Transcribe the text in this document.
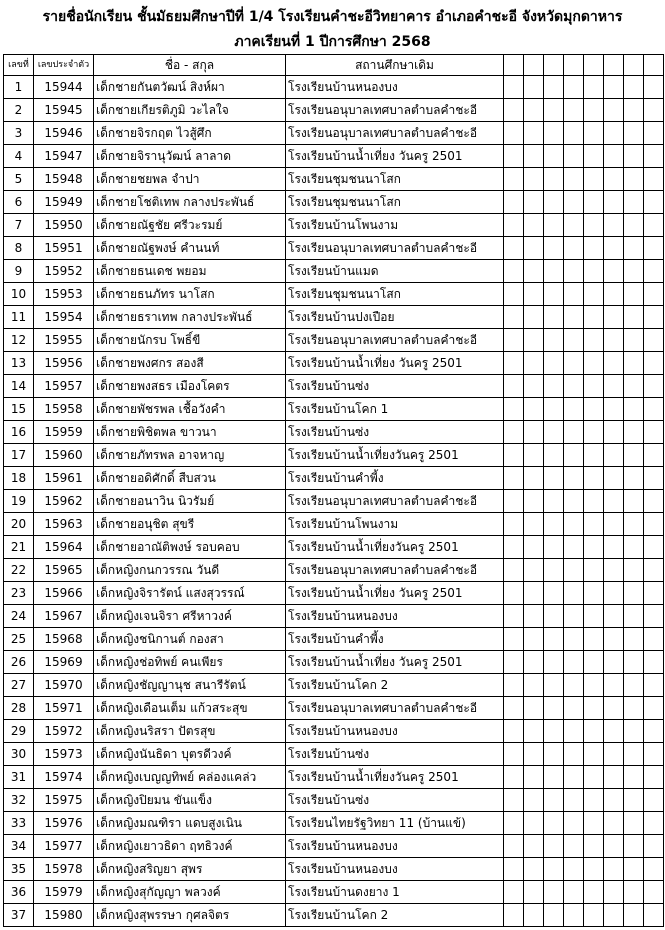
รายชื่อนักเรียน ชั้นมัธยมศึกษาปีที่ 1/4 โรงเรียนคำชะอีวิทยาคาร อำเภอคำชะอี จังหวัดมุกดาหาร
ภาคเรียนที่ 1 ปีการศึกษา 2568
เลขที่	เลขประจำตัว	ชื่อ - สกุล	สถานศึกษาเดิม								
1	15944	เด็กชายกันตวัฒน์ สิงห์ผา	โรงเรียนบ้านหนองบง								
2	15945	เด็กชายเกียรติภูมิ วะไลใจ	โรงเรียนอนุบาลเทศบาลตำบลคำชะอี								
3	15946	เด็กชายจิรกฤต ไวสู้ศึก	โรงเรียนอนุบาลเทศบาลตำบลคำชะอี								
4	15947	เด็กชายจิรานุวัฒน์ ลาลาด	โรงเรียนบ้านน้ำเที่ยง วันครู 2501								
5	15948	เด็กชายชยพล จำปา	โรงเรียนชุมชนนาโสก								
6	15949	เด็กชายโชติเทพ กลางประพันธ์	โรงเรียนชุมชนนาโสก								
7	15950	เด็กชายณัฐชัย ศรีวะรมย์	โรงเรียนบ้านโพนงาม								
8	15951	เด็กชายณัฐพงษ์ คำนนท์	โรงเรียนอนุบาลเทศบาลตำบลคำชะอี								
9	15952	เด็กชายธนเดช พยอม	โรงเรียนบ้านแมด								
10	15953	เด็กชายธนภัทร นาโสก	โรงเรียนชุมชนนาโสก								
11	15954	เด็กชายธราเทพ กลางประพันธ์	โรงเรียนบ้านปงเปือย								
12	15955	เด็กชายนักรบ โพธิ์ขี	โรงเรียนอนุบาลเทศบาลตำบลคำชะอี								
13	15956	เด็กชายพงศกร สองสี	โรงเรียนบ้านน้ำเที่ยง วันครู 2501								
14	15957	เด็กชายพงสธร เมืองโคตร	โรงเรียนบ้านซ่ง								
15	15958	เด็กชายพัชรพล เชื้อวังคำ	โรงเรียนบ้านโคก 1								
16	15959	เด็กชายพิชิตพล ขาวนา	โรงเรียนบ้านซ่ง								
17	15960	เด็กชายภัทรพล อาจหาญ	โรงเรียนบ้านน้ำเที่ยงวันครู 2501								
18	15961	เด็กชายอดิศักดิ์ สืบสวน	โรงเรียนบ้านคำพี้ง								
19	15962	เด็กชายอนาวิน นิวรัมย์	โรงเรียนอนุบาลเทศบาลตำบลคำชะอี								
20	15963	เด็กชายอนุชิต สุขรี	โรงเรียนบ้านโพนงาม								
21	15964	เด็กชายอาณัติพงษ์ รอบคอบ	โรงเรียนบ้านน้ำเที่ยงวันครู 2501								
22	15965	เด็กหญิงกนกวรรณ วันดี	โรงเรียนอนุบาลเทศบาลตำบลคำชะอี								
23	15966	เด็กหญิงจิรารัตน์ แสงสุวรรณ์	โรงเรียนบ้านน้ำเที่ยง วันครู 2501								
24	15967	เด็กหญิงเจนจิรา ศรีหาวงค์	โรงเรียนบ้านหนองบง								
25	15968	เด็กหญิงชนิกานต์ กองสา	โรงเรียนบ้านคำพี้ง								
26	15969	เด็กหญิงช่อทิพย์ คนเพียร	โรงเรียนบ้านน้ำเที่ยง วันครู 2501								
27	15970	เด็กหญิงชัญญานุช สนารีรัตน์	โรงเรียนบ้านโคก 2								
28	15971	เด็กหญิงเดือนเต็ม แก้วสระสุข	โรงเรียนอนุบาลเทศบาลตำบลคำชะอี								
29	15972	เด็กหญิงนริสรา ปัตรสุข	โรงเรียนบ้านหนองบง								
30	15973	เด็กหญิงนันธิดา บุตรดีวงค์	โรงเรียนบ้านซ่ง								
31	15974	เด็กหญิงเบญญทิพย์ คล่องแคล่ว	โรงเรียนบ้านน้ำเที่ยงวันครู 2501								
32	15975	เด็กหญิงปิยมน ขันแข็ง	โรงเรียนบ้านซ่ง								
33	15976	เด็กหญิงมณฑิรา แดบสูงเนิน	โรงเรียนไทยรัฐวิทยา 11 (บ้านแข้)								
34	15977	เด็กหญิงเยาวธิดา ฤทธิวงค์	โรงเรียนบ้านหนองบง								
35	15978	เด็กหญิงสริญยา สุพร	โรงเรียนบ้านหนองบง								
36	15979	เด็กหญิงสุกัญญา พลวงค์	โรงเรียนบ้านดงยาง 1								
37	15980	เด็กหญิงสุพรรษา กุศลจิตร	โรงเรียนบ้านโคก 2								
